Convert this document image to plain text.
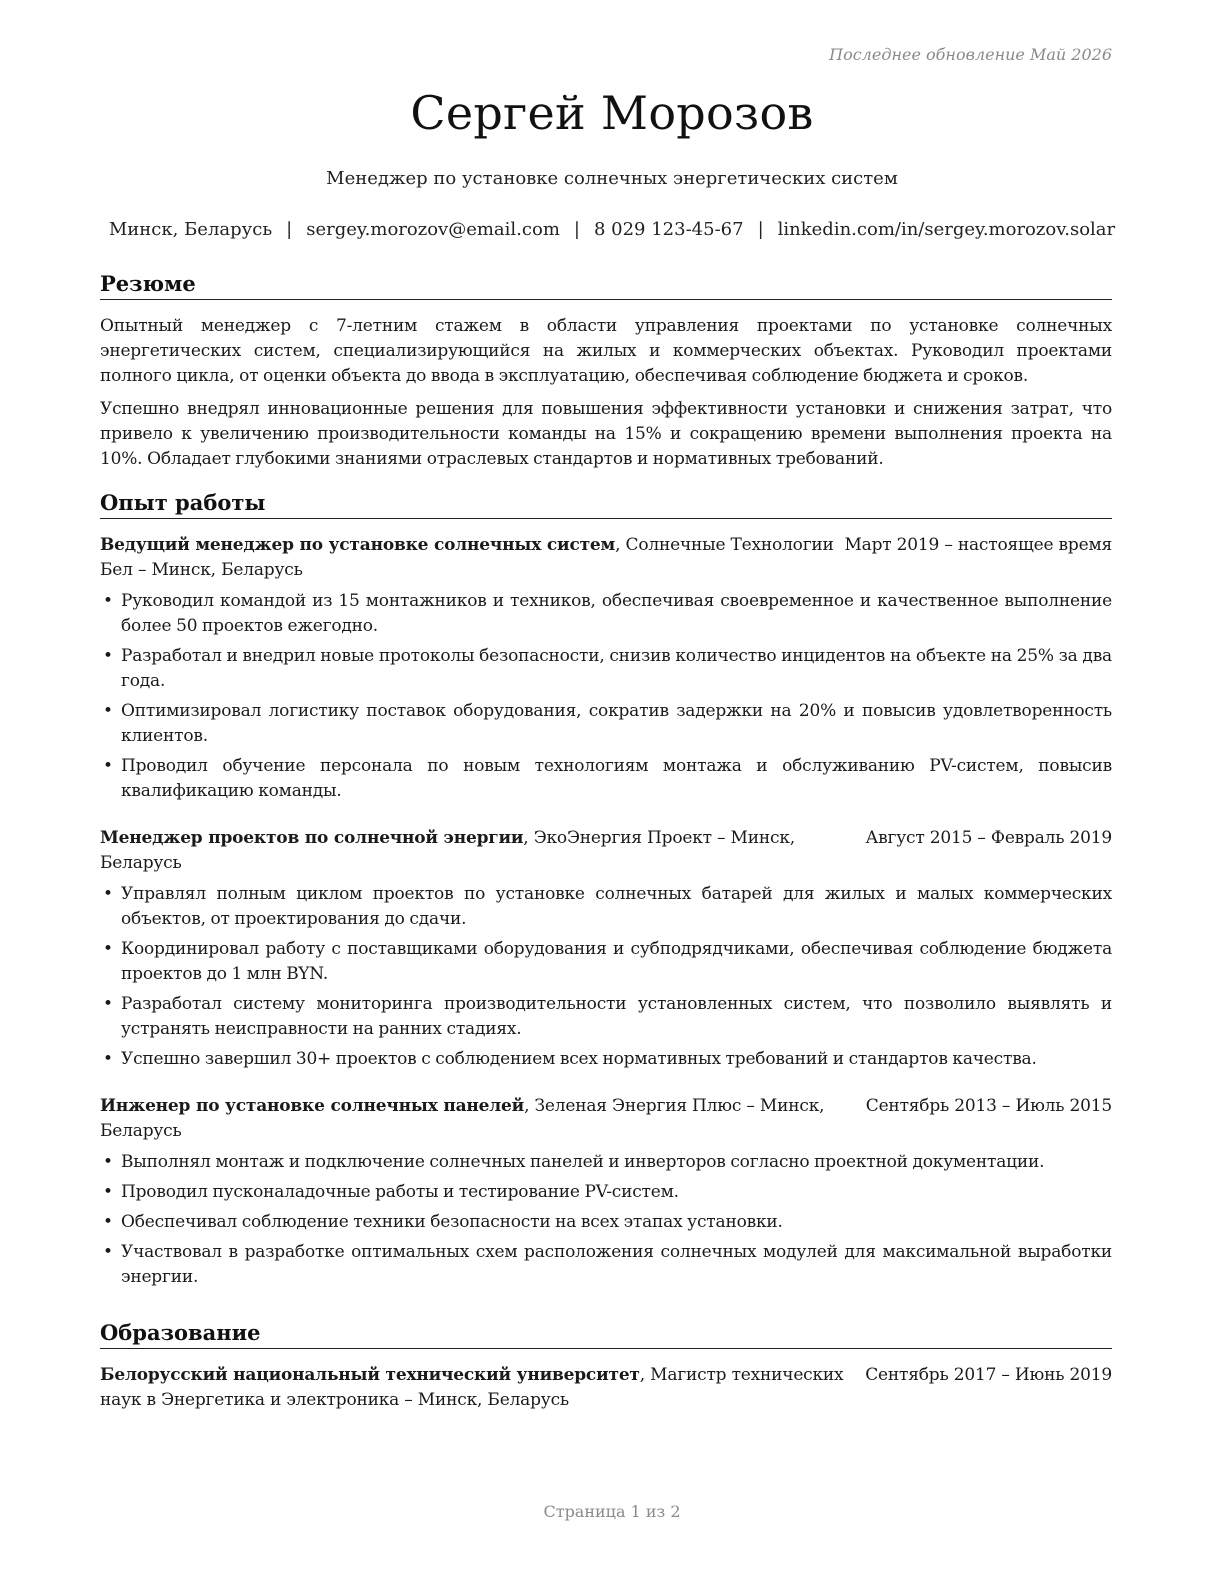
Последнее обновление Май 2026
Сергей Морозов
Менеджер по установке солнечных энергетических систем
Минск, Беларусь | sergey.morozov@email.com | 8 029 123-45-67 | linkedin.com/in/sergey.morozov.solar
Резюме

Опытный менеджер с 7-летним стажем в области управления проектами по установке солнечных энергетических систем, специализирующийся на жилых и коммерческих объектах. Руководил проектами полного цикла, от оценки объекта до ввода в эксплуатацию, обеспечивая соблюдение бюджета и сроков.

Успешно внедрял инновационные решения для повышения эффективности установки и снижения затрат, что привело к увеличению производительности команды на 15% и сокращению времени выполнения проекта на 10%. Обладает глубокими знаниями отраслевых стандартов и нормативных требований.

Опыт работы
Ведущий менеджер по установке солнечных систем, Солнечные Технологии Бел – Минск, Беларусь
Март 2019 – настоящее время
• Руководил командой из 15 монтажников и техников, обеспечивая своевременное и качественное выполнение более 50 проектов ежегодно.
• Разработал и внедрил новые протоколы безопасности, снизив количество инцидентов на объекте на 25% за два года.
• Оптимизировал логистику поставок оборудования, сократив задержки на 20% и повысив удовлетворенность клиентов.
• Проводил обучение персонала по новым технологиям монтажа и обслуживанию PV-систем, повысив квалификацию команды.
Менеджер проектов по солнечной энергии, ЭкоЭнергия Проект – Минск, Беларусь
Август 2015 – Февраль 2019
• Управлял полным циклом проектов по установке солнечных батарей для жилых и малых коммерческих объектов, от проектирования до сдачи.
• Координировал работу с поставщиками оборудования и субподрядчиками, обеспечивая соблюдение бюджета проектов до 1 млн BYN.
• Разработал систему мониторинга производительности установленных систем, что позволило выявлять и устранять неисправности на ранних стадиях.
• Успешно завершил 30+ проектов с соблюдением всех нормативных требований и стандартов качества.
Инженер по установке солнечных панелей, Зеленая Энергия Плюс – Минск, Беларусь
Сентябрь 2013 – Июль 2015
• Выполнял монтаж и подключение солнечных панелей и инверторов согласно проектной документации.
• Проводил пусконаладочные работы и тестирование PV-систем.
• Обеспечивал соблюдение техники безопасности на всех этапах установки.
• Участвовал в разработке оптимальных схем расположения солнечных модулей для максимальной выработки энергии.
Образование
Белорусский национальный технический университет, Магистр технических наук в Энергетика и электроника – Минск, Беларусь
Сентябрь 2017 – Июнь 2019
Страница 1 из 2
